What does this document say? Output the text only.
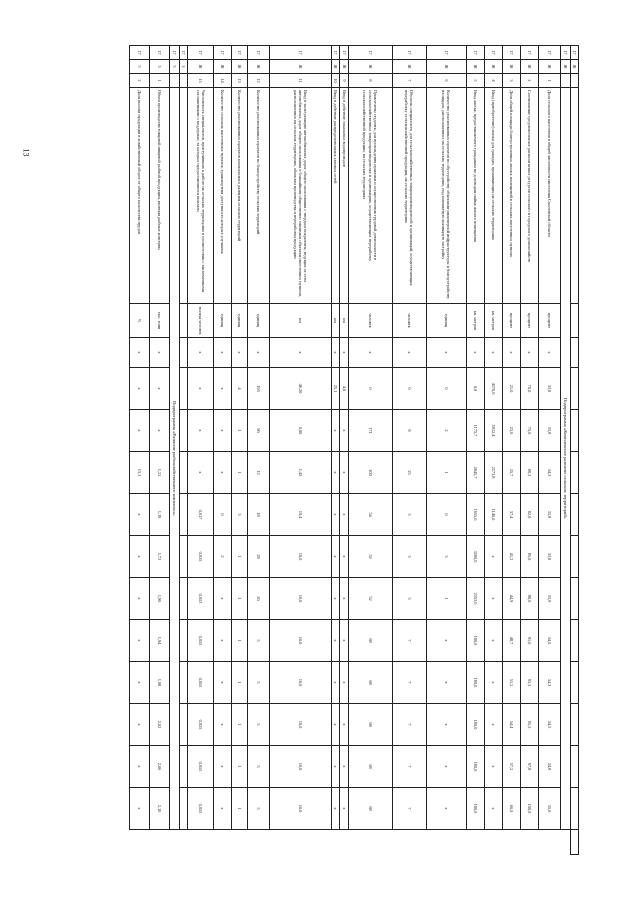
13
17	Ж																
17	Ж		Подпрограмма «Комплексное развитие сельских территорий»														
17	Ж	1	Доля сельского населения в общей численности населения Смоленской области	процент	х	33,8	33,8	34,3	33,8	33,8	33,9	34,0	34,3	34,5	34,8	35,0	
17	Ж	2	Соотношение среднемесячных располагаемых ресурсов сельского и городского домохозяйств	процент	х	70,0	75,0	80,3	82,0	85,0	88,0	91,0	93,3	95,5	97,8	100,0	
17	Ж	3	Доля общей площади благоустроенных жилых помещений в сельских населенных пунктах	процент	х	21,0	23,0	25,7	37,4	41,2	44,9	48,7	51,5	54,4	57,2	60,0	
17	Ж	4	Ввод (приобретение) жилья для граждан, проживающих на сельских территориях	кв. метров	х	4570,0	5912,4	2173,8	1140,0	х	х	х	х	х	х	х	
17	Ж	5	Ввод жилья, предоставляемого гражданам по договорам найма жилого помещения	кв. метров	х	0,0	1175,7	2845,7	1655,0	3590,0	2353,0	180,0	180,0	180,0	180,0	180,0	
17	Ж	6	Количество реализованных проектов по обустройству объектами инженерной инфраструктуры и благоустройству площадок, расположенных на сельских территориях, под компактную жилищную застройку	единиц	х	0	2	1	0	3	1	х	х	х	х	х	
17	Ж	7	Обучены специалисты для сельскохозяйственных товаропроизводителей и организаций, осуществляющих переработку сельскохозяйственной продукции, на сельских территориях	человек	х	0	8	25	3	3	3	7	7	7	7	7	
17	Ж	8	Привлечены студенты для прохождения практики и осуществления трудовой деятельности в сельскохозяйственных товаропроизводителях и организациях, осуществляющих переработку сельскохозяйственной продукции, на сельских территориях	человек	х	0	171	100	54	52	52	68	68	68	68	68	
17	Ж	9	Ввод в действие локальных водопроводов	км	х	4,0	х	х	х	х	х	х	х	х	х	х	
17	Ж	10	Ввод в действие распределительных газовых сетей	км	х	25,1	х	х	х	х	х	х	х	х	х	х	
17	Ж	11	Ввод в эксплуатацию автомобильных дорог общего пользования с твердым покрытием, ведущих от сети автомобильных дорог общего пользования к ближайшим общественно значимым объектам населенных пунктов, расположенных на сельских территориях, объектам производства и переработки продукции	км	х	46,20	0,00	1,43	10,4	10,0	10,0	10,0	10,0	10,0	10,0	10,0	
17	Ж	12	Количество реализованных проектов по благоустройству сельских территорий	единиц	х	195	90	12	18	28	20	5	5	5	5	5	
17	Ж	13	Количество реализованных проектов комплексного развития сельских территорий	единиц	х	4	1	1	3	1	1	1	1	1	1	1	
17	Ж	14	Количество сельских населенных пунктов, транспортная доступность которых улучшена	единиц	х	х	х	х	0	2	х	х	х	х	х	х	
17	Ж	15	Численность специалистов, приступивших к работе на сельских территориях в соответствии с заключенными соглашениями о поддержке, за которых предоставляются выплаты	тысяча человек	х	х	х	х	0,017	0,035	0,053	0,055	0,055	0,055	0,055	0,055	
17	З																
17	3		Подпрограмма «Развитие рыбохозяйственного комплекса»														
17	3	1	Объем производства товарной пищевой рыбной продукции, включая рыбные консервы	тыс. тонн	х	х	х	1,21	1,19	1,72	1,90	1,94	1,98	2,02	2,06	2,10	
17	3	2	Доля вылова продукции в хозяйственный оборот от общего количества прудов	%	х	х	х	13,1	х	х	х	х	х	х	х	х	
